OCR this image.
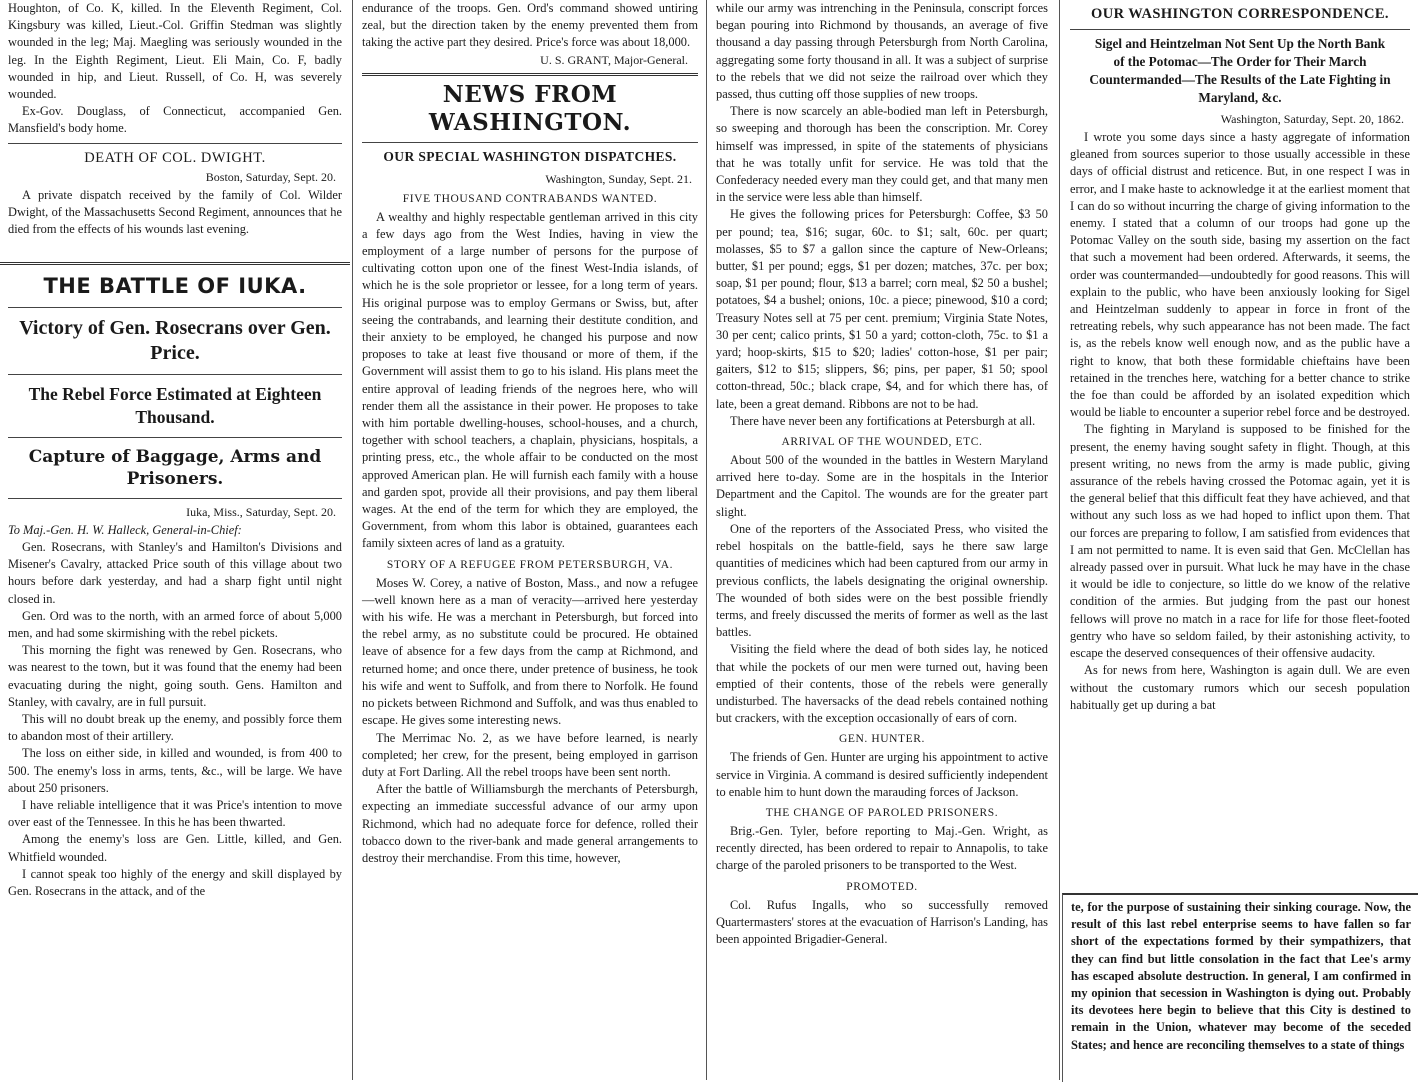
Houghton, of Co. K, killed. In the Eleventh Regiment, Col. Kingsbury was killed, Lieut.-Col. Griffin Stedman was slightly wounded in the leg; Maj. Maegling was seriously wounded in the leg. In the Eighth Regiment, Lieut. Eli Main, Co. F, badly wounded in hip, and Lieut. Russell, of Co. H, was severely wounded.

Ex-Gov. Douglass, of Connecticut, accompanied Gen. Mansfield's body home.

DEATH OF COL. DWIGHT.

Boston, Saturday, Sept. 20.

A private dispatch received by the family of Col. Wilder Dwight, of the Massachusetts Second Regiment, announces that he died from the effects of his wounds last evening.

THE BATTLE OF IUKA.
Victory of Gen. Rosecrans over Gen. Price.
The Rebel Force Estimated at Eighteen Thousand.
Capture of Baggage, Arms and Prisoners.

Iuka, Miss., Saturday, Sept. 20.

To Maj.-Gen. H. W. Halleck, General-in-Chief:

Gen. Rosecrans, with Stanley's and Hamilton's Divisions and Misener's Cavalry, attacked Price south of this village about two hours before dark yesterday, and had a sharp fight until night closed in.

Gen. Ord was to the north, with an armed force of about 5,000 men, and had some skirmishing with the rebel pickets.

This morning the fight was renewed by Gen. Rosecrans, who was nearest to the town, but it was found that the enemy had been evacuating during the night, going south. Gens. Hamilton and Stanley, with cavalry, are in full pursuit.

This will no doubt break up the enemy, and possibly force them to abandon most of their artillery.

The loss on either side, in killed and wounded, is from 400 to 500. The enemy's loss in arms, tents, &c., will be large. We have about 250 prisoners.

I have reliable intelligence that it was Price's intention to move over east of the Tennessee. In this he has been thwarted.

Among the enemy's loss are Gen. Little, killed, and Gen. Whitfield wounded.

I cannot speak too highly of the energy and skill displayed by Gen. Rosecrans in the attack, and of the

endurance of the troops. Gen. Ord's command showed untiring zeal, but the direction taken by the enemy prevented them from taking the active part they desired. Price's force was about 18,000.

U. S. GRANT, Major-General.

NEWS FROM WASHINGTON.
OUR SPECIAL WASHINGTON DISPATCHES.

Washington, Sunday, Sept. 21.

FIVE THOUSAND CONTRABANDS WANTED.

A wealthy and highly respectable gentleman arrived in this city a few days ago from the West Indies, having in view the employment of a large number of persons for the purpose of cultivating cotton upon one of the finest West-India islands, of which he is the sole proprietor or lessee, for a long term of years. His original purpose was to employ Germans or Swiss, but, after seeing the contrabands, and learning their destitute condition, and their anxiety to be employed, he changed his purpose and now proposes to take at least five thousand or more of them, if the Government will assist them to go to his island. His plans meet the entire approval of leading friends of the negroes here, who will render them all the assistance in their power. He proposes to take with him portable dwelling-houses, school-houses, and a church, together with school teachers, a chaplain, physicians, hospitals, a printing press, etc., the whole affair to be conducted on the most approved American plan. He will furnish each family with a house and garden spot, provide all their provisions, and pay them liberal wages. At the end of the term for which they are employed, the Government, from whom this labor is obtained, guarantees each family sixteen acres of land as a gratuity.

STORY OF A REFUGEE FROM PETERSBURGH, VA.

Moses W. Corey, a native of Boston, Mass., and now a refugee—well known here as a man of veracity—arrived here yesterday with his wife. He was a merchant in Petersburgh, but forced into the rebel army, as no substitute could be procured. He obtained leave of absence for a few days from the camp at Richmond, and returned home; and once there, under pretence of business, he took his wife and went to Suffolk, and from there to Norfolk. He found no pickets between Richmond and Suffolk, and was thus enabled to escape. He gives some interesting news.

The Merrimac No. 2, as we have before learned, is nearly completed; her crew, for the present, being employed in garrison duty at Fort Darling. All the rebel troops have been sent north.

After the battle of Williamsburgh the merchants of Petersburgh, expecting an immediate successful advance of our army upon Richmond, which had no adequate force for defence, rolled their tobacco down to the river-bank and made general arrangements to destroy their merchandise. From this time, however,

while our army was intrenching in the Peninsula, conscript forces began pouring into Richmond by thousands, an average of five thousand a day passing through Petersburgh from North Carolina, aggregating some forty thousand in all. It was a subject of surprise to the rebels that we did not seize the railroad over which they passed, thus cutting off those supplies of new troops.

There is now scarcely an able-bodied man left in Petersburgh, so sweeping and thorough has been the conscription. Mr. Corey himself was impressed, in spite of the statements of physicians that he was totally unfit for service. He was told that the Confederacy needed every man they could get, and that many men in the service were less able than himself.

He gives the following prices for Petersburgh: Coffee, $3 50 per pound; tea, $16; sugar, 60c. to $1; salt, 60c. per quart; molasses, $5 to $7 a gallon since the capture of New-Orleans; butter, $1 per pound; eggs, $1 per dozen; matches, 37c. per box; soap, $1 per pound; flour, $13 a barrel; corn meal, $2 50 a bushel; potatoes, $4 a bushel; onions, 10c. a piece; pinewood, $10 a cord; Treasury Notes sell at 75 per cent. premium; Virginia State Notes, 30 per cent; calico prints, $1 50 a yard; cotton-cloth, 75c. to $1 a yard; hoop-skirts, $15 to $20; ladies' cotton-hose, $1 per pair; gaiters, $12 to $15; slippers, $6; pins, per paper, $1 50; spool cotton-thread, 50c.; black crape, $4, and for which there has, of late, been a great demand. Ribbons are not to be had.

There have never been any fortifications at Petersburgh at all.

ARRIVAL OF THE WOUNDED, ETC.

About 500 of the wounded in the battles in Western Maryland arrived here to-day. Some are in the hospitals in the Interior Department and the Capitol. The wounds are for the greater part slight.

One of the reporters of the Associated Press, who visited the rebel hospitals on the battle-field, says he there saw large quantities of medicines which had been captured from our army in previous conflicts, the labels designating the original ownership. The wounded of both sides were on the best possible friendly terms, and freely discussed the merits of former as well as the last battles.

Visiting the field where the dead of both sides lay, he noticed that while the pockets of our men were turned out, having been emptied of their contents, those of the rebels were generally undisturbed. The haversacks of the dead rebels contained nothing but crackers, with the exception occasionally of ears of corn.

GEN. HUNTER.

The friends of Gen. Hunter are urging his appointment to active service in Virginia. A command is desired sufficiently independent to enable him to hunt down the marauding forces of Jackson.

THE CHANGE OF PAROLED PRISONERS.

Brig.-Gen. Tyler, before reporting to Maj.-Gen. Wright, as recently directed, has been ordered to repair to Annapolis, to take charge of the paroled prisoners to be transported to the West.

PROMOTED.

Col. Rufus Ingalls, who so successfully removed Quartermasters' stores at the evacuation of Harrison's Landing, has been appointed Brigadier-General.

OUR WASHINGTON CORRESPONDENCE.
Sigel and Heintzelman Not Sent Up the North Bank of the Potomac—The Order for Their March Countermanded—The Results of the Late Fighting in Maryland, &c.

Washington, Saturday, Sept. 20, 1862.

I wrote you some days since a hasty aggregate of information gleaned from sources superior to those usually accessible in these days of official distrust and reticence. But, in one respect I was in error, and I make haste to acknowledge it at the earliest moment that I can do so without incurring the charge of giving information to the enemy. I stated that a column of our troops had gone up the Potomac Valley on the south side, basing my assertion on the fact that such a movement had been ordered. Afterwards, it seems, the order was countermanded—undoubtedly for good reasons. This will explain to the public, who have been anxiously looking for Sigel and Heintzelman suddenly to appear in force in front of the retreating rebels, why such appearance has not been made. The fact is, as the rebels know well enough now, and as the public have a right to know, that both these formidable chieftains have been retained in the trenches here, watching for a better chance to strike the foe than could be afforded by an isolated expedition which would be liable to encounter a superior rebel force and be destroyed.

The fighting in Maryland is supposed to be finished for the present, the enemy having sought safety in flight. Though, at this present writing, no news from the army is made public, giving assurance of the rebels having crossed the Potomac again, yet it is the general belief that this difficult feat they have achieved, and that without any such loss as we had hoped to inflict upon them. That our forces are preparing to follow, I am satisfied from evidences that I am not permitted to name. It is even said that Gen. McClellan has already passed over in pursuit. What luck he may have in the chase it would be idle to conjecture, so little do we know of the relative condition of the armies. But judging from the past our honest fellows will prove no match in a race for life for those fleet-footed gentry who have so seldom failed, by their astonishing activity, to escape the deserved consequences of their offensive audacity.

As for news from here, Washington is again dull. We are even without the customary rumors which our secesh population habitually get up during a bat

te, for the purpose of sustaining their sinking courage. Now, the result of this last rebel enterprise seems to have fallen so far short of the expectations formed by their sympathizers, that they can find but little consolation in the fact that Lee's army has escaped absolute destruction. In general, I am confirmed in my opinion that secession in Washington is dying out. Probably its devotees here begin to believe that this City is destined to remain in the Union, whatever may become of the seceded States; and hence are reconciling themselves to a state of things
